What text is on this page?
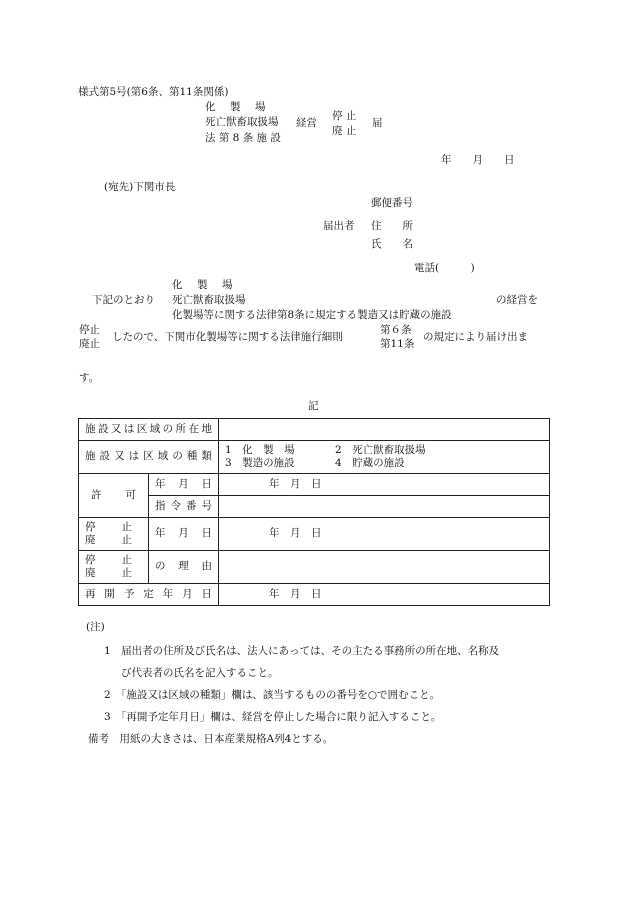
様式第5号(第6条、第11条関係)
化　製　場
死亡獣畜取扱場
法 第 8 条 施 設
経営
停 止
廃 止
届
年　　月　　日
(宛先)下関市長
郵便番号
届出者 住　　所
氏　　名
電話(　　　)
化　製　場
下記のとおり 死亡獣畜取扱場	の経営を
化製場等に関する法律第8条に規定する製造又は貯蔵の施設
停止
廃止
したので、下関市化製場等に関する法律施行細則
第６条
第11条
の規定により届け出ま
す。
記
施設又は区域の所在地		

施設又は区域の種類		1　化　製　場 2　死亡獣畜取扱場
3　製造の施設 4　貯蔵の施設

許　可	年　月　日	年　月　日

	指 令 番 号	

停　止
廃　止	年　月　日	年　月　日

停　止
廃　止	の　理　由	

再開予定年月日		年　月　日
(注)
1　届出者の住所及び氏名は、法人にあっては、その主たる事務所の所在地、名称及
び代表者の氏名を記入すること。
2　「施設又は区域の種類」欄は、該当するものの番号を○で囲むこと。
3　「再開予定年月日」欄は、経営を停止した場合に限り記入すること。
備考　用紙の大きさは、日本産業規格A列4とする。
